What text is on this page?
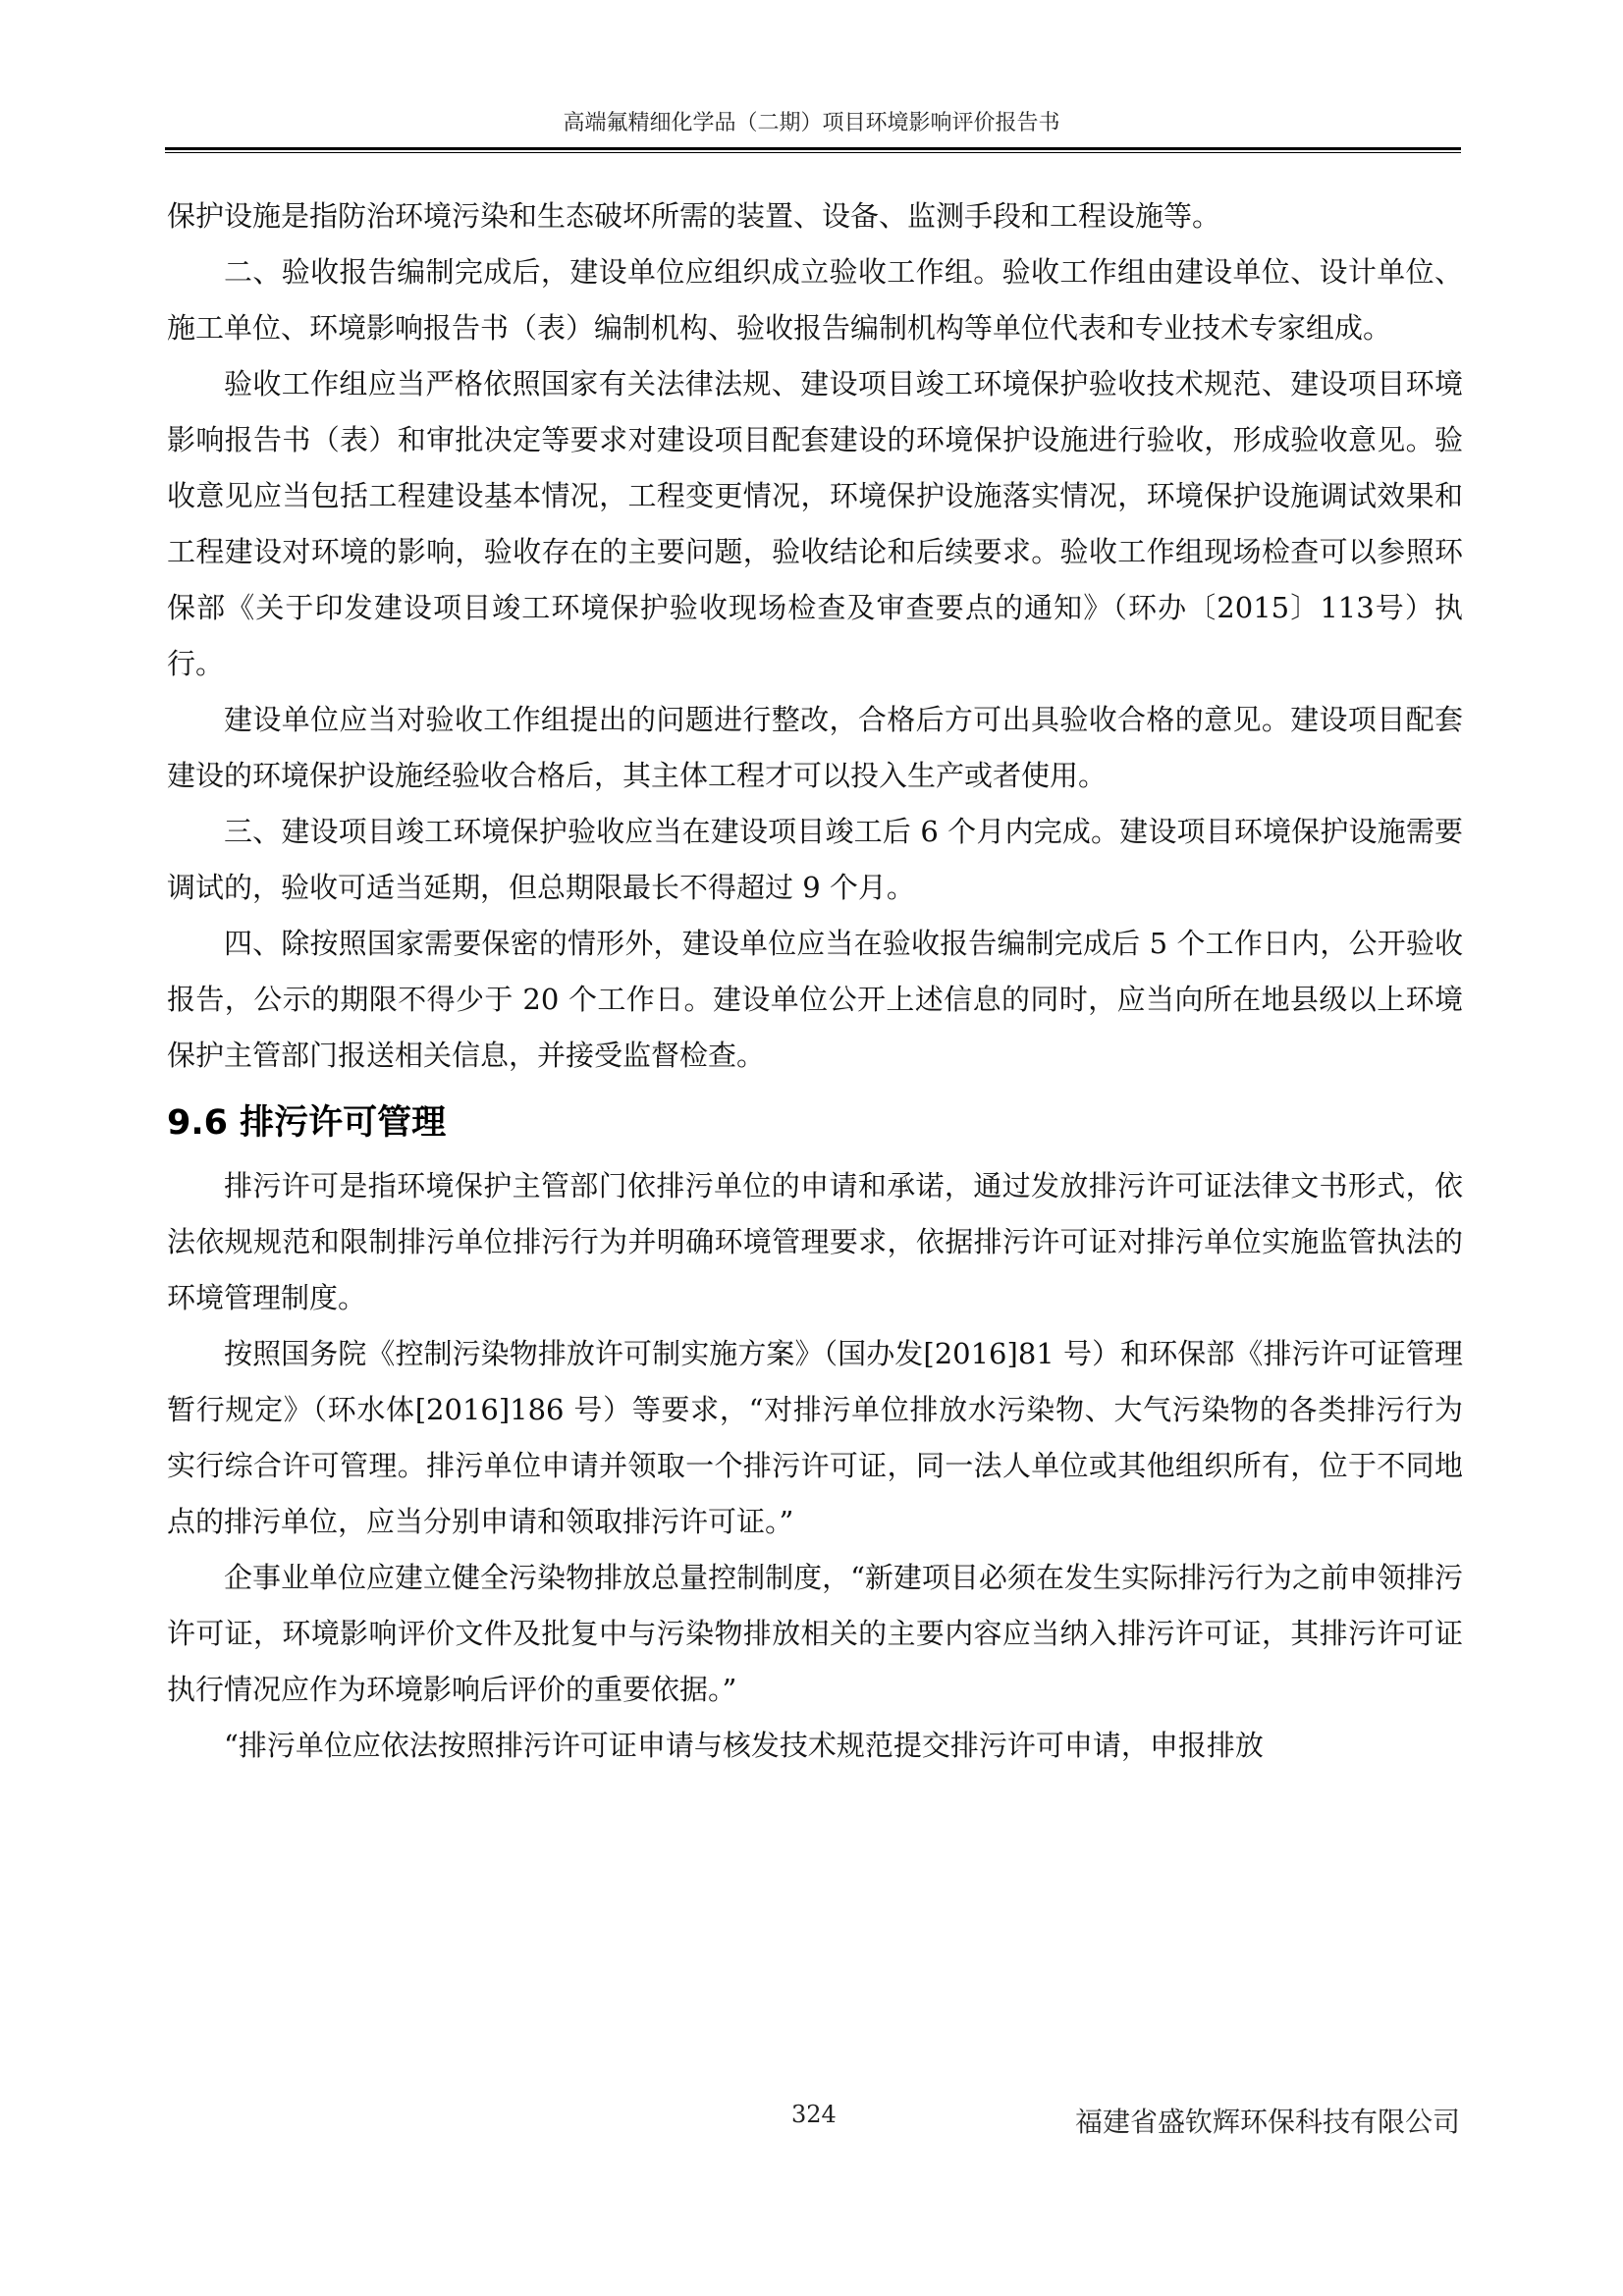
高端氟精细化学品（二期）项目环境影响评价报告书

保护设施是指防治环境污染和生态破坏所需的装置、设备、监测手段和工程设施等。

二、验收报告编制完成后，建设单位应组织成立验收工作组。验收工作组由建设单位、设计单位、施工单位、环境影响报告书（表）编制机构、验收报告编制机构等单位代表和专业技术专家组成。

验收工作组应当严格依照国家有关法律法规、建设项目竣工环境保护验收技术规范、建设项目环境影响报告书（表）和审批决定等要求对建设项目配套建设的环境保护设施进行验收，形成验收意见。验收意见应当包括工程建设基本情况，工程变更情况，环境保护设施落实情况，环境保护设施调试效果和工程建设对环境的影响，验收存在的主要问题，验收结论和后续要求。验收工作组现场检查可以参照环保部《关于印发建设项目竣工环境保护验收现场检查及审查要点的通知》（环办〔2015〕113号）执行。

建设单位应当对验收工作组提出的问题进行整改，合格后方可出具验收合格的意见。建设项目配套建设的环境保护设施经验收合格后，其主体工程才可以投入生产或者使用。

三、建设项目竣工环境保护验收应当在建设项目竣工后 6 个月内完成。建设项目环境保护设施需要调试的，验收可适当延期，但总期限最长不得超过 9 个月。

四、除按照国家需要保密的情形外，建设单位应当在验收报告编制完成后 5 个工作日内，公开验收报告，公示的期限不得少于 20 个工作日。建设单位公开上述信息的同时，应当向所在地县级以上环境保护主管部门报送相关信息，并接受监督检查。

9.6 排污许可管理

排污许可是指环境保护主管部门依排污单位的申请和承诺，通过发放排污许可证法律文书形式，依法依规规范和限制排污单位排污行为并明确环境管理要求，依据排污许可证对排污单位实施监管执法的环境管理制度。

按照国务院《控制污染物排放许可制实施方案》（国办发[2016]81 号）和环保部《排污许可证管理暂行规定》（环水体[2016]186 号）等要求，“对排污单位排放水污染物、大气污染物的各类排污行为实行综合许可管理。排污单位申请并领取一个排污许可证，同一法人单位或其他组织所有，位于不同地点的排污单位，应当分别申请和领取排污许可证。”

企事业单位应建立健全污染物排放总量控制制度，“新建项目必须在发生实际排污行为之前申领排污许可证，环境影响评价文件及批复中与污染物排放相关的主要内容应当纳入排污许可证，其排污许可证执行情况应作为环境影响后评价的重要依据。”

“排污单位应依法按照排污许可证申请与核发技术规范提交排污许可申请，申报排放

324	福建省盛钦辉环保科技有限公司
